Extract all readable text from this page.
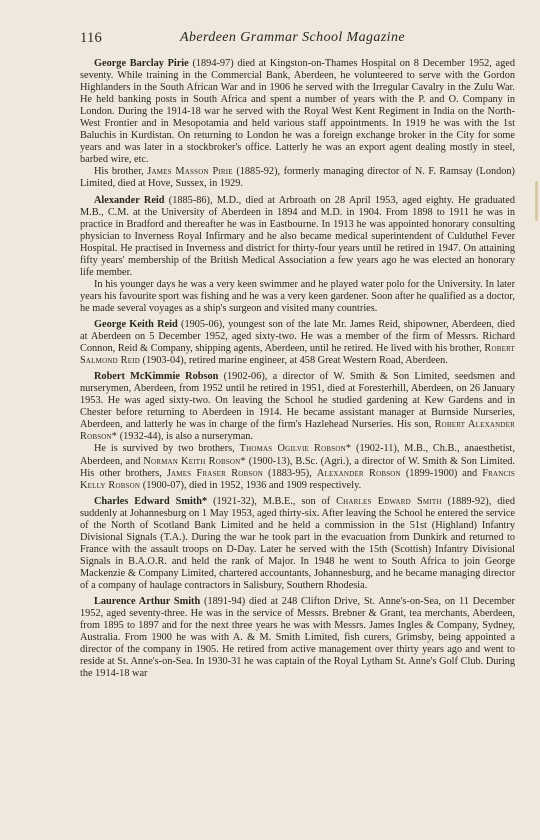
116	Aberdeen Grammar School Magazine

George Barclay Pirie (1894-97) died at Kingston-on-Thames Hospital on 8 December 1952, aged seventy. While training in the Commercial Bank, Aberdeen, he volunteered to serve with the Gordon Highlanders in the South African War and in 1906 he served with the Irregular Cavalry in the Zulu War. He held banking posts in South Africa and spent a number of years with the P. and O. Company in London. During the 1914-18 war he served with the Royal West Kent Regiment in India on the North-West Frontier and in Mesopotamia and held various staff appointments. In 1919 he was with the 1st Baluchis in Kurdistan. On returning to London he was a foreign exchange broker in the City for some years and was later in a stockbroker's office. Latterly he was an export agent dealing mostly in steel, barbed wire, etc.

His brother, James Masson Pirie (1885-92), formerly managing director of N. F. Ramsay (London) Limited, died at Hove, Sussex, in 1929.

Alexander Reid (1885-86), M.D., died at Arbroath on 28 April 1953, aged eighty. He graduated M.B., C.M. at the University of Aberdeen in 1894 and M.D. in 1904. From 1898 to 1911 he was in practice in Bradford and thereafter he was in Eastbourne. In 1913 he was appointed honorary consulting physician to Inverness Royal Infirmary and he also became medical superintendent of Culduthel Fever Hospital. He practised in Inverness and district for thirty-four years until he retired in 1947. On attaining fifty years' membership of the British Medical Association a few years ago he was elected an honorary life member.

In his younger days he was a very keen swimmer and he played water polo for the University. In later years his favourite sport was fishing and he was a very keen gardener. Soon after he qualified as a doctor, he made several voyages as a ship's surgeon and visited many countries.

George Keith Reid (1905-06), youngest son of the late Mr. James Reid, shipowner, Aberdeen, died at Aberdeen on 5 December 1952, aged sixty-two. He was a member of the firm of Messrs. Richard Connon, Reid & Company, shipping agents, Aberdeen, until he retired. He lived with his brother, Robert Salmond Reid (1903-04), retired marine engineer, at 458 Great Western Road, Aberdeen.

Robert McKimmie Robson (1902-06), a director of W. Smith & Son Limited, seedsmen and nurserymen, Aberdeen, from 1952 until he retired in 1951, died at Foresterhill, Aberdeen, on 26 January 1953. He was aged sixty-two. On leaving the School he studied gardening at Kew Gardens and in Chester before returning to Aberdeen in 1914. He became assistant manager at Burnside Nurseries, Aberdeen, and latterly he was in charge of the firm's Hazlehead Nurseries. His son, Robert Alexander Robson* (1932-44), is also a nurseryman.

He is survived by two brothers, Thomas Ogilvie Robson* (1902-11), M.B., Ch.B., anaesthetist, Aberdeen, and Norman Keith Robson* (1900-13), B.Sc. (Agri.), a director of W. Smith & Son Limited. His other brothers, James Fraser Robson (1883-95), Alexander Robson (1899-1900) and Francis Kelly Robson (1900-07), died in 1952, 1936 and 1909 respectively.

Charles Edward Smith* (1921-32), M.B.E., son of Charles Edward Smith (1889-92), died suddenly at Johannesburg on 1 May 1953, aged thirty-six. After leaving the School he entered the service of the North of Scotland Bank Limited and he held a commission in the 51st (Highland) Infantry Divisional Signals (T.A.). During the war he took part in the evacuation from Dunkirk and returned to France with the assault troops on D-Day. Later he served with the 15th (Scottish) Infantry Divisional Signals in B.A.O.R. and held the rank of Major. In 1948 he went to South Africa to join George Mackenzie & Company Limited, chartered accountants, Johannesburg, and he became managing director of a company of haulage contractors in Salisbury, Southern Rhodesia.

Laurence Arthur Smith (1891-94) died at 248 Clifton Drive, St. Anne's-on-Sea, on 11 December 1952, aged seventy-three. He was in the service of Messrs. Brebner & Grant, tea merchants, Aberdeen, from 1895 to 1897 and for the next three years he was with Messrs. James Ingles & Company, Sydney, Australia. From 1900 he was with A. & M. Smith Limited, fish curers, Grimsby, being appointed a director of the company in 1905. He retired from active management over thirty years ago and went to reside at St. Anne's-on-Sea. In 1930-31 he was captain of the Royal Lytham St. Anne's Golf Club. During the 1914-18 war
